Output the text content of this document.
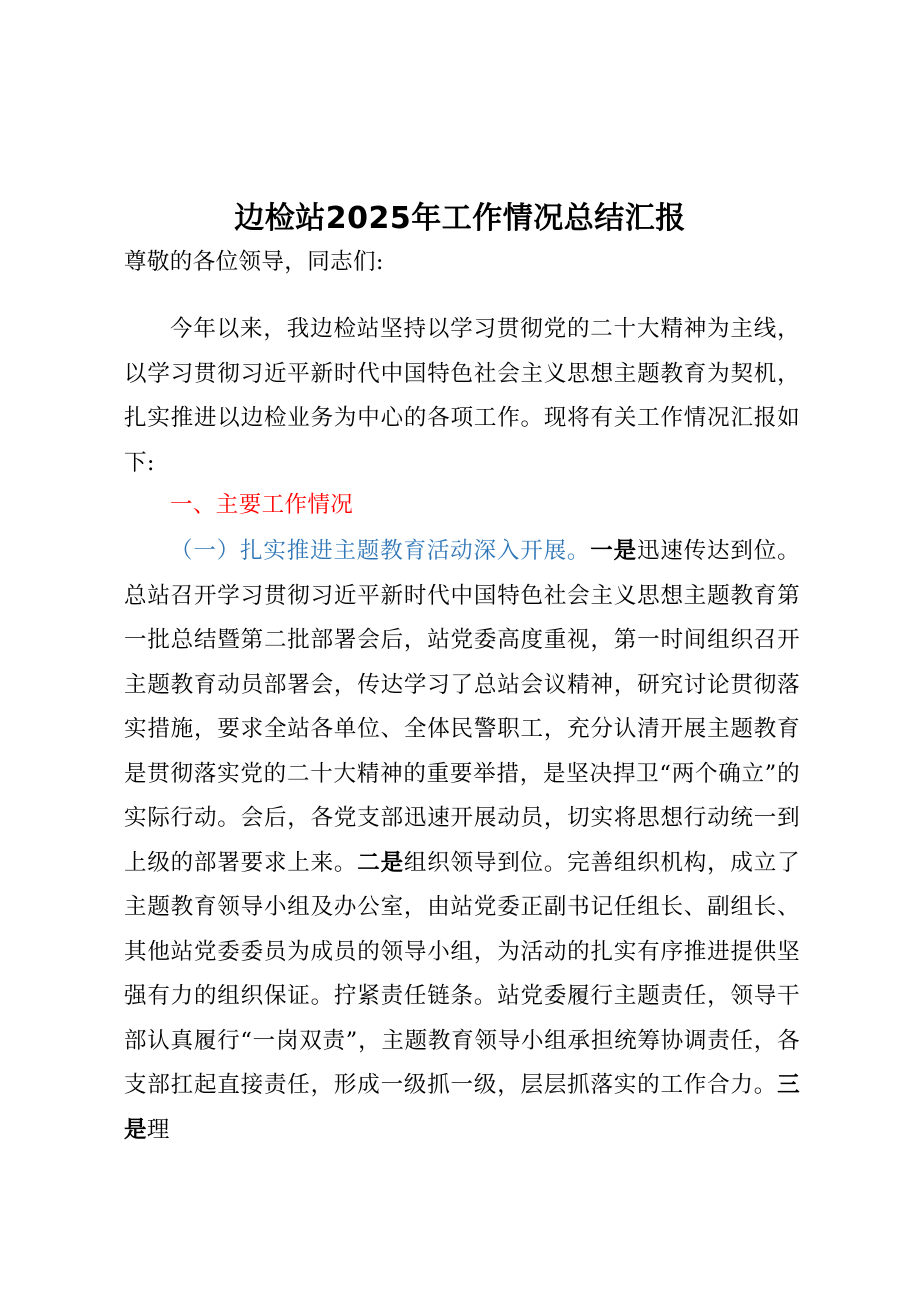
边检站2025年工作情况总结汇报
尊敬的各位领导，同志们:
今年以来，我边检站坚持以学习贯彻党的二十大精神为主线，以学习贯彻习近平新时代中国特色社会主义思想主题教育为契机，扎实推进以边检业务为中心的各项工作。现将有关工作情况汇报如下:
一、主要工作情况
（一）扎实推进主题教育活动深入开展。一是迅速传达到位。总站召开学习贯彻习近平新时代中国特色社会主义思想主题教育第一批总结暨第二批部署会后，站党委高度重视，第一时间组织召开主题教育动员部署会，传达学习了总站会议精神，研究讨论贯彻落实措施，要求全站各单位、全体民警职工，充分认清开展主题教育是贯彻落实党的二十大精神的重要举措，是坚决捍卫“两个确立”的实际行动。会后，各党支部迅速开展动员，切实将思想行动统一到上级的部署要求上来。二是组织领导到位。完善组织机构，成立了主题教育领导小组及办公室，由站党委正副书记任组长、副组长、其他站党委委员为成员的领导小组，为活动的扎实有序推进提供坚强有力的组织保证。拧紧责任链条。站党委履行主题责任，领导干部认真履行“一岗双责”，主题教育领导小组承担统筹协调责任，各支部扛起直接责任，形成一级抓一级，层层抓落实的工作合力。三是理
